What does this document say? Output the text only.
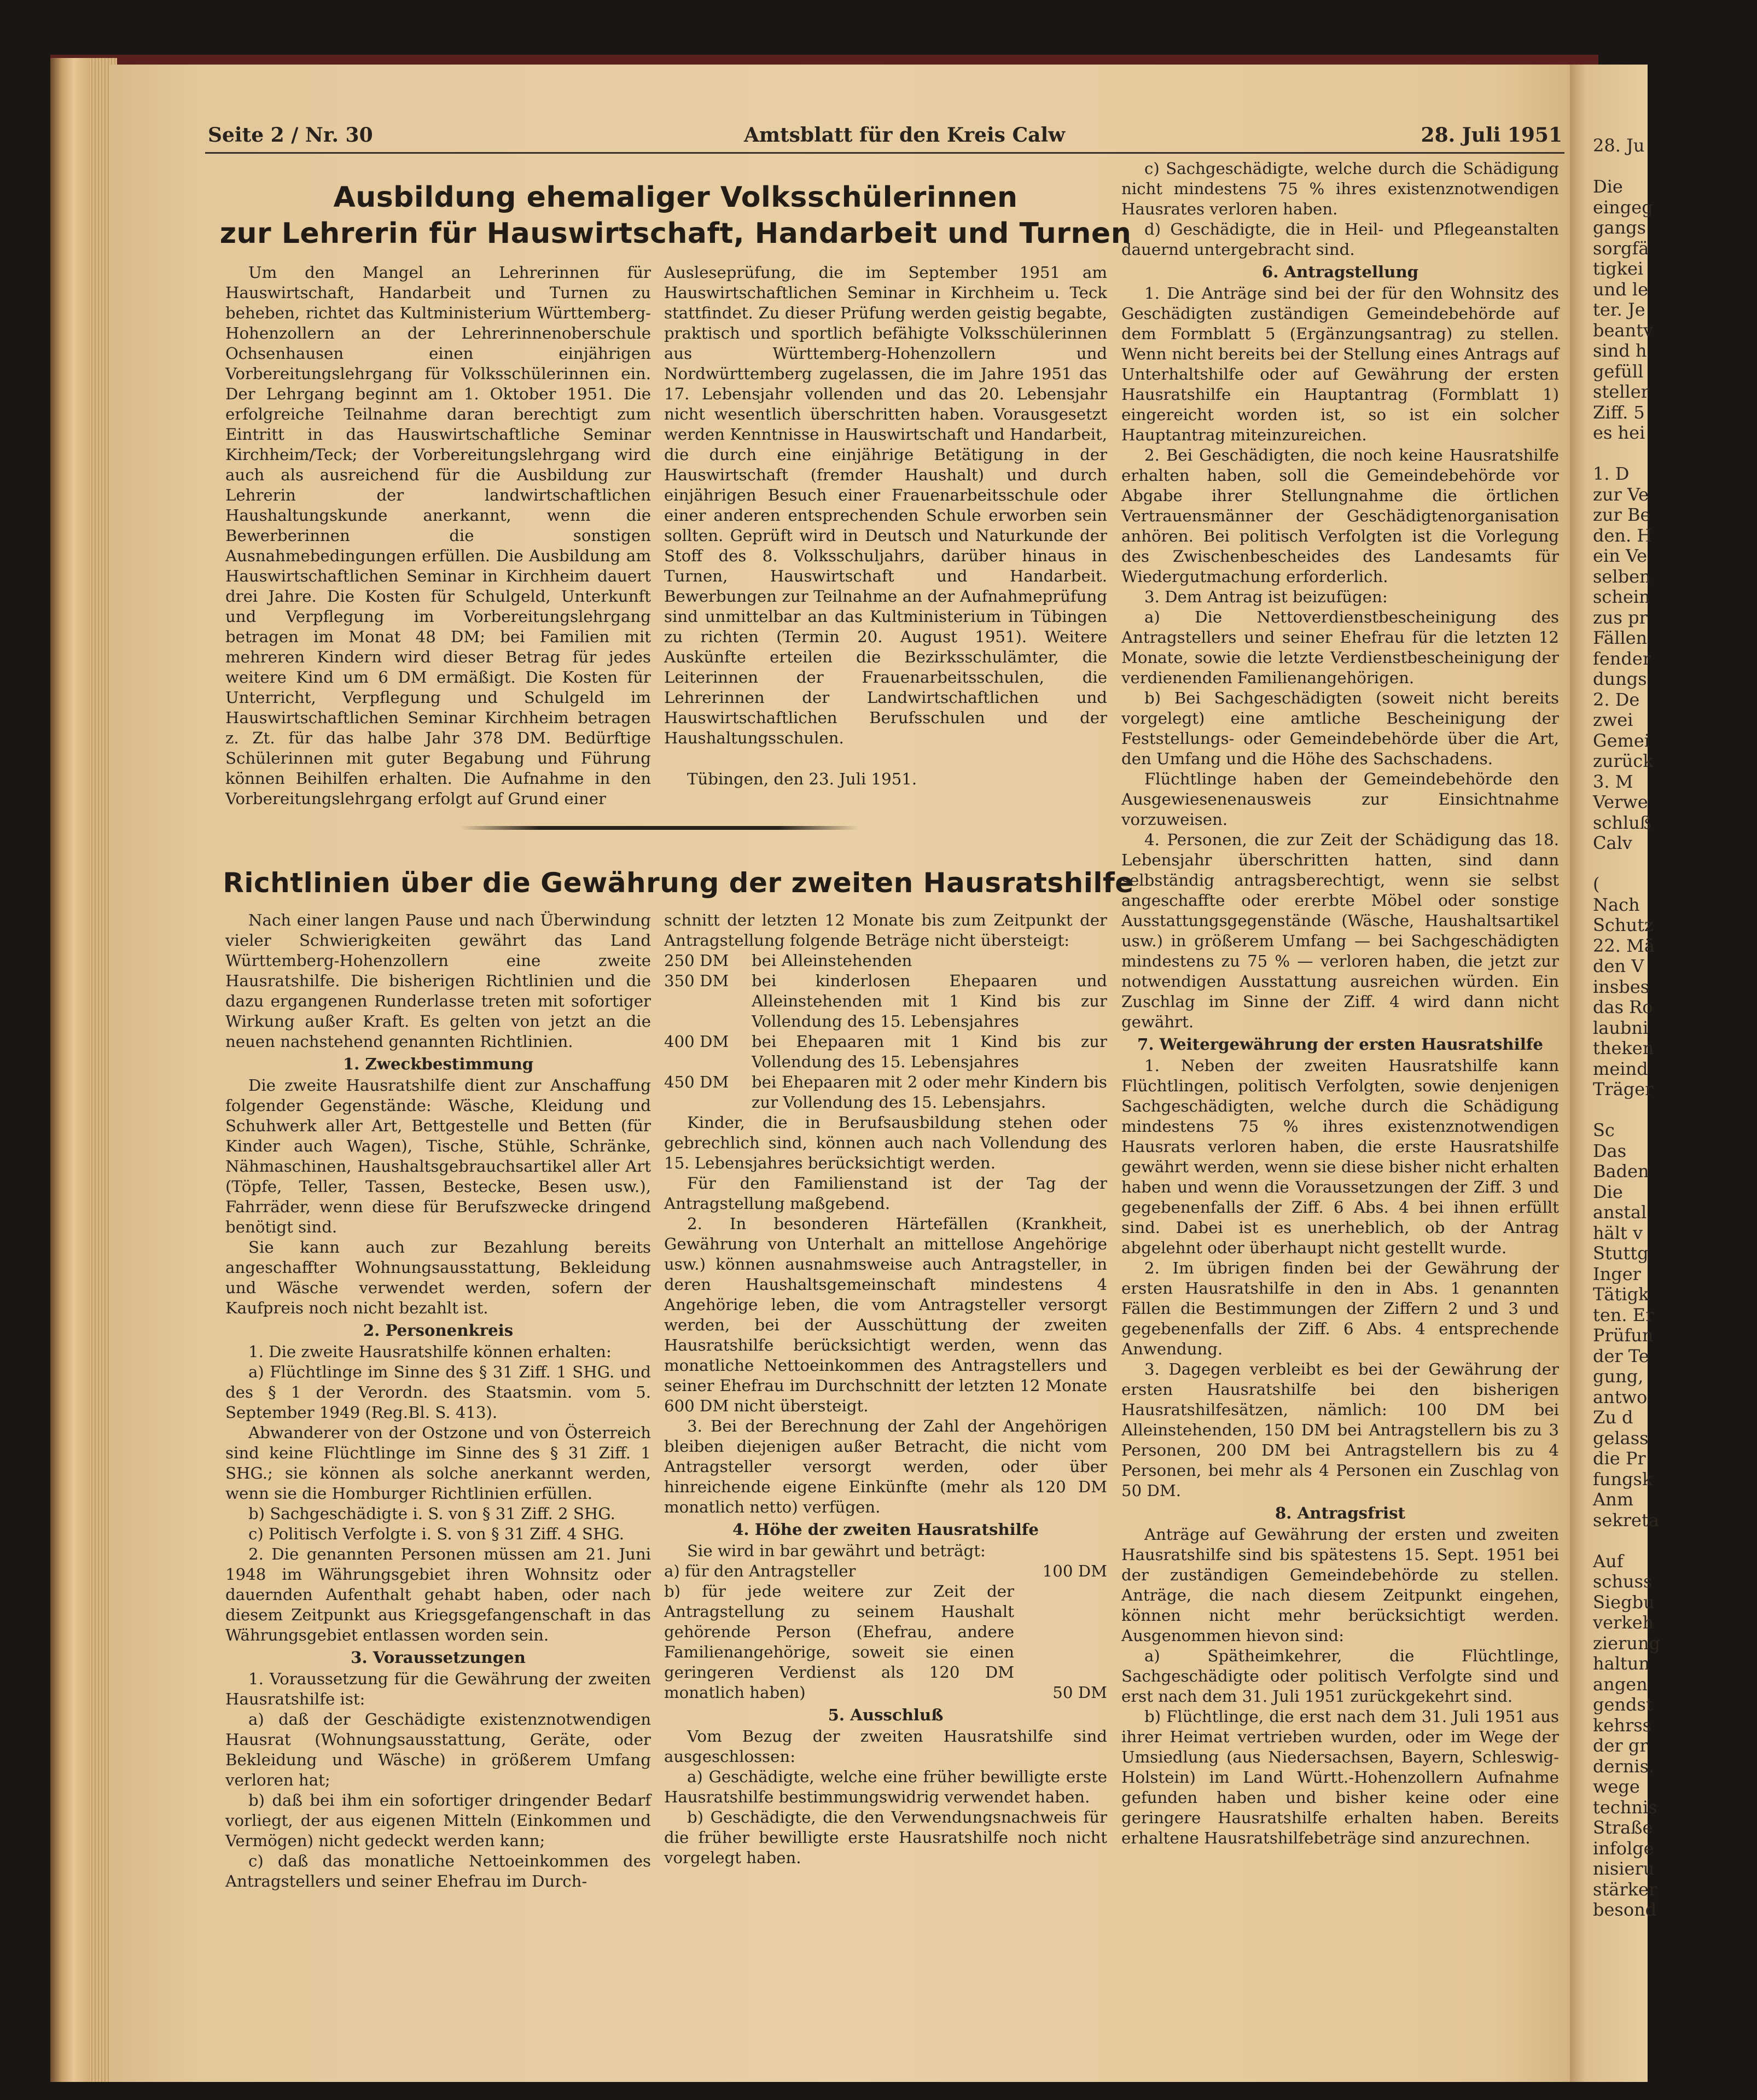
28. Ju

Die
eingeg
gangs
sorgfä
tigkei
und le
ter. Je
beantv
sind h
gefüll
steller
Ziff. 5
es hei

1. D
zur Ve
zur Be
den. H
ein Ve
selben
schein
zus pr
Fällen
fender
dungs
2. De
zwei
Gemei
zurück
3. M
Verwe
schluß
Calv

(
Nach
Schutz
22. Mä
den V
insbes
das Ro
laubni
theken
meind
Träger

Sc
Das
Baden
Die
anstal
hält v
Stuttg
Inger
Tätigk
ten. Er
Prüfun
der Te
gung,
antwo
Zu d
gelass
die Pr
fungsk
Anm
sekreta

Auf
schuss
Siegbu
verkeh
zierung
haltun
angen
gendst
kehrss
der gr
dernis.
wege
technis
Straße
infolge
nisieru
stärker
besond
Seite 2 / Nr. 30	Amtsblatt für den Kreis Calw	28. Juli 1951
Ausbildung ehemaliger Volksschülerinnen
zur Lehrerin für Hauswirtschaft, Handarbeit und Turnen

Um den Mangel an Lehrerinnen für Hauswirtschaft, Handarbeit und Turnen zu beheben, richtet das Kultministerium Württemberg-Hohenzollern an der Lehrerinnenoberschule Ochsenhausen einen einjährigen Vorbereitungslehrgang für Volksschülerinnen ein. Der Lehrgang beginnt am 1. Oktober 1951. Die erfolgreiche Teilnahme daran berechtigt zum Eintritt in das Hauswirtschaftliche Seminar Kirchheim/Teck; der Vorbereitungslehrgang wird auch als ausreichend für die Ausbildung zur Lehrerin der landwirtschaftlichen Haushaltungskunde anerkannt, wenn die Bewerberinnen die sonstigen Ausnahmebedingungen erfüllen. Die Ausbildung am Hauswirtschaftlichen Seminar in Kirchheim dauert drei Jahre. Die Kosten für Schulgeld, Unterkunft und Verpflegung im Vorbereitungslehrgang betragen im Monat 48 DM; bei Familien mit mehreren Kindern wird dieser Betrag für jedes weitere Kind um 6 DM ermäßigt. Die Kosten für Unterricht, Verpflegung und Schulgeld im Hauswirtschaftlichen Seminar Kirchheim betragen z. Zt. für das halbe Jahr 378 DM. Bedürftige Schülerinnen mit guter Begabung und Führung können Beihilfen erhalten. Die Aufnahme in den Vorbereitungslehrgang erfolgt auf Grund einer

Ausleseprüfung, die im September 1951 am Hauswirtschaftlichen Seminar in Kirchheim u. Teck stattfindet. Zu dieser Prüfung werden geistig begabte, praktisch und sportlich befähigte Volksschülerinnen aus Württemberg-Hohenzollern und Nordwürttemberg zugelassen, die im Jahre 1951 das 17. Lebensjahr vollenden und das 20. Lebensjahr nicht wesentlich überschritten haben. Vorausgesetzt werden Kenntnisse in Hauswirtschaft und Handarbeit, die durch eine einjährige Betätigung in der Hauswirtschaft (fremder Haushalt) und durch einjährigen Besuch einer Frauenarbeitsschule oder einer anderen entsprechenden Schule erworben sein sollten. Geprüft wird in Deutsch und Naturkunde der Stoff des 8. Volksschuljahrs, darüber hinaus in Turnen, Hauswirtschaft und Handarbeit. Bewerbungen zur Teilnahme an der Aufnahmeprüfung sind unmittelbar an das Kultministerium in Tübingen zu richten (Termin 20. August 1951). Weitere Auskünfte erteilen die Bezirksschulämter, die Leiterinnen der Frauenarbeitsschulen, die Lehrerinnen der Landwirtschaftlichen und Hauswirtschaftlichen Berufsschulen und der Haushaltungsschulen.

Tübingen, den 23. Juli 1951.

Richtlinien über die Gewährung der zweiten Hausratshilfe

Nach einer langen Pause und nach Überwindung vieler Schwierigkeiten gewährt das Land Württemberg-Hohenzollern eine zweite Hausratshilfe. Die bisherigen Richtlinien und die dazu ergangenen Runderlasse treten mit sofortiger Wirkung außer Kraft. Es gelten von jetzt an die neuen nachstehend genannten Richtlinien.

1. Zweckbestimmung

Die zweite Hausratshilfe dient zur Anschaffung folgender Gegenstände: Wäsche, Kleidung und Schuhwerk aller Art, Bettgestelle und Betten (für Kinder auch Wagen), Tische, Stühle, Schränke, Nähmaschinen, Haushaltsgebrauchsartikel aller Art (Töpfe, Teller, Tassen, Bestecke, Besen usw.), Fahrräder, wenn diese für Berufszwecke dringend benötigt sind.

Sie kann auch zur Bezahlung bereits angeschaffter Wohnungsausstattung, Bekleidung und Wäsche verwendet werden, sofern der Kaufpreis noch nicht bezahlt ist.

2. Personenkreis

1. Die zweite Hausratshilfe können erhalten:

a) Flüchtlinge im Sinne des § 31 Ziff. 1 SHG. und des § 1 der Verordn. des Staatsmin. vom 5. September 1949 (Reg.Bl. S. 413).

Abwanderer von der Ostzone und von Österreich sind keine Flüchtlinge im Sinne des § 31 Ziff. 1 SHG.; sie können als solche anerkannt werden, wenn sie die Homburger Richtlinien erfüllen.

b) Sachgeschädigte i. S. von § 31 Ziff. 2 SHG.

c) Politisch Verfolgte i. S. von § 31 Ziff. 4 SHG.

2. Die genannten Personen müssen am 21. Juni 1948 im Währungsgebiet ihren Wohnsitz oder dauernden Aufenthalt gehabt haben, oder nach diesem Zeitpunkt aus Kriegsgefangenschaft in das Währungsgebiet entlassen worden sein.

3. Voraussetzungen

1. Voraussetzung für die Gewährung der zweiten Hausratshilfe ist:

a) daß der Geschädigte existenznotwendigen Hausrat (Wohnungsausstattung, Geräte, oder Bekleidung und Wäsche) in größerem Umfang verloren hat;

b) daß bei ihm ein sofortiger dringender Bedarf vorliegt, der aus eigenen Mitteln (Einkommen und Vermögen) nicht gedeckt werden kann;

c) daß das monatliche Nettoeinkommen des Antragstellers und seiner Ehefrau im Durch-

schnitt der letzten 12 Monate bis zum Zeitpunkt der Antragstellung folgende Beträge nicht übersteigt:

250 DM	bei Alleinstehenden
350 DM	bei kinderlosen Ehepaaren und Alleinstehenden mit 1 Kind bis zur Vollendung des 15. Lebensjahres
400 DM	bei Ehepaaren mit 1 Kind bis zur Vollendung des 15. Lebensjahres
450 DM	bei Ehepaaren mit 2 oder mehr Kindern bis zur Vollendung des 15. Lebensjahrs.

Kinder, die in Berufsausbildung stehen oder gebrechlich sind, können auch nach Vollendung des 15. Lebensjahres berücksichtigt werden.

Für den Familienstand ist der Tag der Antragstellung maßgebend.

2. In besonderen Härtefällen (Krankheit, Gewährung von Unterhalt an mittellose Angehörige usw.) können ausnahmsweise auch Antragsteller, in deren Haushaltsgemeinschaft mindestens 4 Angehörige leben, die vom Antragsteller versorgt werden, bei der Ausschüttung der zweiten Hausratshilfe berücksichtigt werden, wenn das monatliche Nettoeinkommen des Antragstellers und seiner Ehefrau im Durchschnitt der letzten 12 Monate 600 DM nicht übersteigt.

3. Bei der Berechnung der Zahl der Angehörigen bleiben diejenigen außer Betracht, die nicht vom Antragsteller versorgt werden, oder über hinreichende eigene Einkünfte (mehr als 120 DM monatlich netto) verfügen.

4. Höhe der zweiten Hausratshilfe

Sie wird in bar gewährt und beträgt:

a) für den Antragsteller	100 DM
b) für jede weitere zur Zeit der Antragstellung zu seinem Haushalt gehörende Person (Ehefrau, andere Familienangehörige, soweit sie einen geringeren Verdienst als 120 DM monatlich haben)	50 DM

5. Ausschluß

Vom Bezug der zweiten Hausratshilfe sind ausgeschlossen:

a) Geschädigte, welche eine früher bewilligte erste Hausratshilfe bestimmungswidrig verwendet haben.

b) Geschädigte, die den Verwendungsnachweis für die früher bewilligte erste Hausratshilfe noch nicht vorgelegt haben.

c) Sachgeschädigte, welche durch die Schädigung nicht mindestens 75 % ihres existenznotwendigen Hausrates verloren haben.

d) Geschädigte, die in Heil- und Pflegeanstalten dauernd untergebracht sind.

6. Antragstellung

1. Die Anträge sind bei der für den Wohnsitz des Geschädigten zuständigen Gemeindebehörde auf dem Formblatt 5 (Ergänzungsantrag) zu stellen. Wenn nicht bereits bei der Stellung eines Antrags auf Unterhaltshilfe oder auf Gewährung der ersten Hausratshilfe ein Hauptantrag (Formblatt 1) eingereicht worden ist, so ist ein solcher Hauptantrag miteinzureichen.

2. Bei Geschädigten, die noch keine Hausratshilfe erhalten haben, soll die Gemeindebehörde vor Abgabe ihrer Stellungnahme die örtlichen Vertrauensmänner der Geschädigtenorganisation anhören. Bei politisch Verfolgten ist die Vorlegung des Zwischenbescheides des Landesamts für Wiedergutmachung erforderlich.

3. Dem Antrag ist beizufügen:

a) Die Nettoverdienstbescheinigung des Antragstellers und seiner Ehefrau für die letzten 12 Monate, sowie die letzte Verdienstbescheinigung der verdienenden Familienangehörigen.

b) Bei Sachgeschädigten (soweit nicht bereits vorgelegt) eine amtliche Bescheinigung der Feststellungs- oder Gemeindebehörde über die Art, den Umfang und die Höhe des Sachschadens.

Flüchtlinge haben der Gemeindebehörde den Ausgewiesenenausweis zur Einsichtnahme vorzuweisen.

4. Personen, die zur Zeit der Schädigung das 18. Lebensjahr überschritten hatten, sind dann selbständig antragsberechtigt, wenn sie selbst angeschaffte oder ererbte Möbel oder sonstige Ausstattungsgegenstände (Wäsche, Haushaltsartikel usw.) in größerem Umfang — bei Sachgeschädigten mindestens zu 75 % — verloren haben, die jetzt zur notwendigen Ausstattung ausreichen würden. Ein Zuschlag im Sinne der Ziff. 4 wird dann nicht gewährt.

7. Weitergewährung der ersten Hausratshilfe

1. Neben der zweiten Hausratshilfe kann Flüchtlingen, politisch Verfolgten, sowie denjenigen Sachgeschädigten, welche durch die Schädigung mindestens 75 % ihres existenznotwendigen Hausrats verloren haben, die erste Hausratshilfe gewährt werden, wenn sie diese bisher nicht erhalten haben und wenn die Voraussetzungen der Ziff. 3 und gegebenenfalls der Ziff. 6 Abs. 4 bei ihnen erfüllt sind. Dabei ist es unerheblich, ob der Antrag abgelehnt oder überhaupt nicht gestellt wurde.

2. Im übrigen finden bei der Gewährung der ersten Hausratshilfe in den in Abs. 1 genannten Fällen die Bestimmungen der Ziffern 2 und 3 und gegebenenfalls der Ziff. 6 Abs. 4 entsprechende Anwendung.

3. Dagegen verbleibt es bei der Gewährung der ersten Hausratshilfe bei den bisherigen Hausratshilfesätzen, nämlich: 100 DM bei Alleinstehenden, 150 DM bei Antragstellern bis zu 3 Personen, 200 DM bei Antragstellern bis zu 4 Personen, bei mehr als 4 Personen ein Zuschlag von 50 DM.

8. Antragsfrist

Anträge auf Gewährung der ersten und zweiten Hausratshilfe sind bis spätestens 15. Sept. 1951 bei der zuständigen Gemeindebehörde zu stellen. Anträge, die nach diesem Zeitpunkt eingehen, können nicht mehr berücksichtigt werden. Ausgenommen hievon sind:

a) Spätheimkehrer, die Flüchtlinge, Sachgeschädigte oder politisch Verfolgte sind und erst nach dem 31. Juli 1951 zurückgekehrt sind.

b) Flüchtlinge, die erst nach dem 31. Juli 1951 aus ihrer Heimat vertrieben wurden, oder im Wege der Umsiedlung (aus Niedersachsen, Bayern, Schleswig-Holstein) im Land Württ.-Hohenzollern Aufnahme gefunden haben und bisher keine oder eine geringere Hausratshilfe erhalten haben. Bereits erhaltene Hausratshilfebeträge sind anzurechnen.
